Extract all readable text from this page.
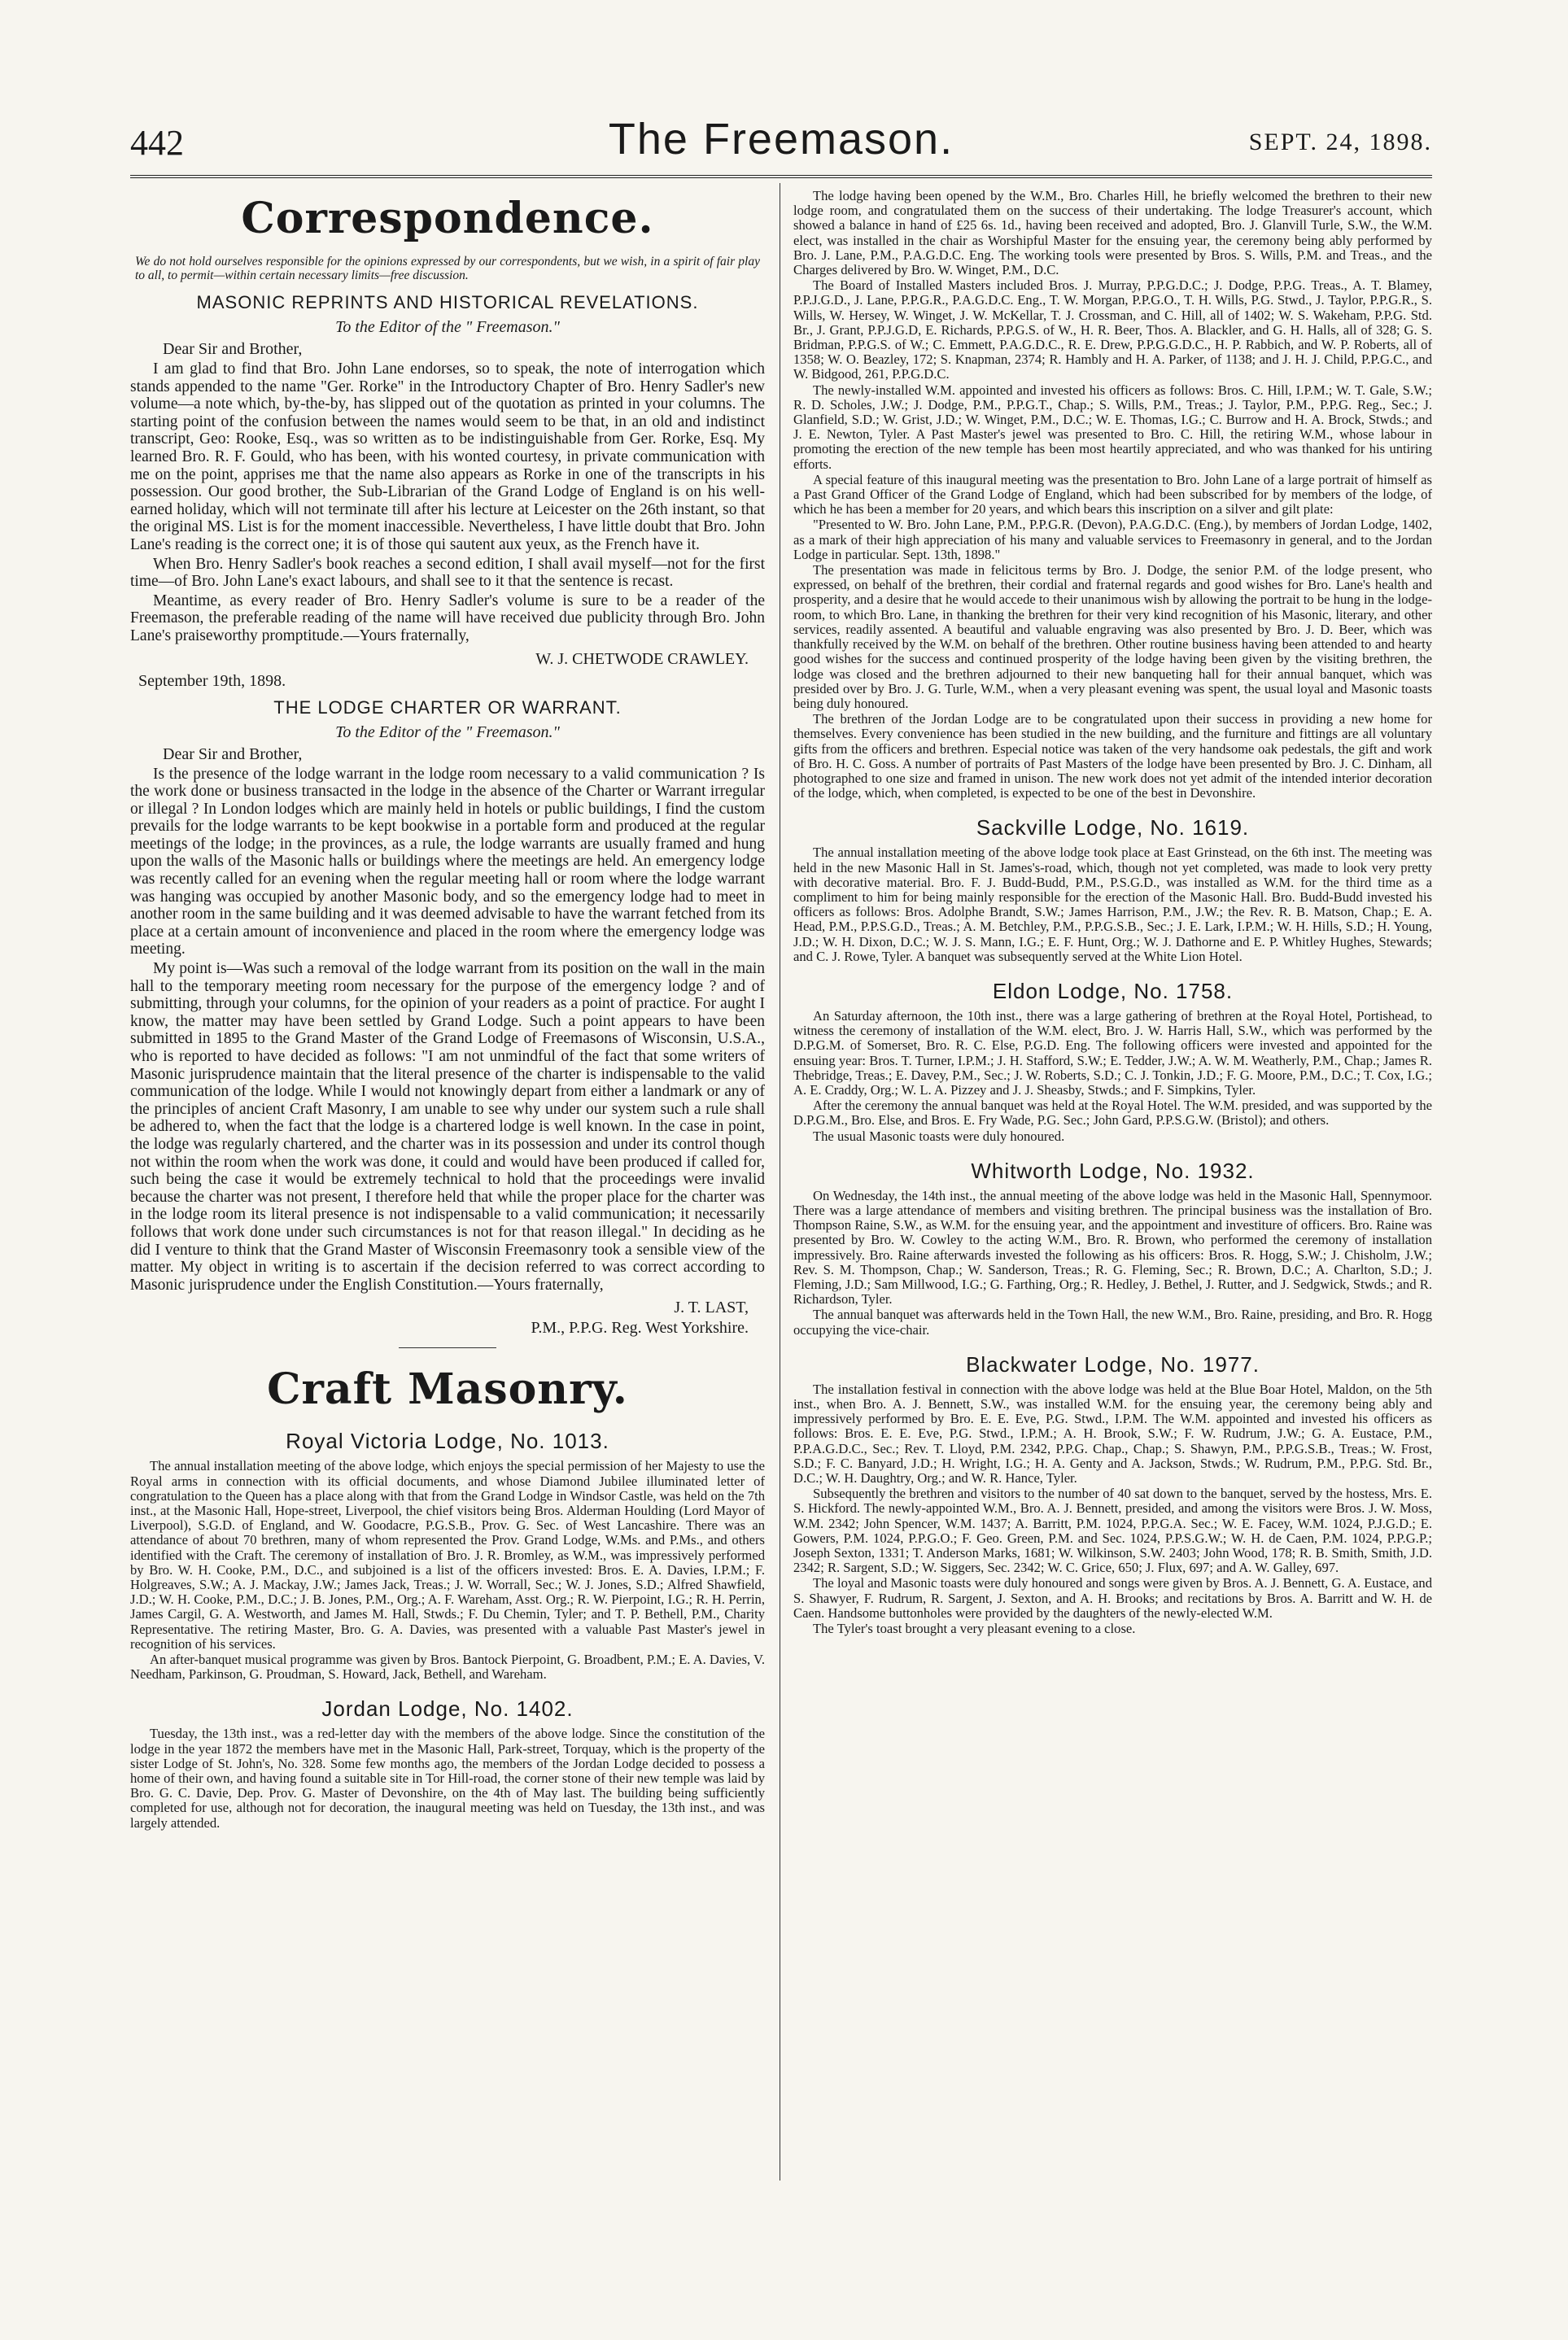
442	The Freemason.	SEPT. 24, 1898.
Correspondence.
We do not hold ourselves responsible for the opinions expressed by our correspondents, but we wish, in a spirit of fair play to all, to permit—within certain necessary limits—free discussion.
MASONIC REPRINTS AND HISTORICAL REVELATIONS.
To the Editor of the " Freemason."
Dear Sir and Brother,

I am glad to find that Bro. John Lane endorses, so to speak, the note of interrogation which stands appended to the name "Ger. Rorke" in the Introductory Chapter of Bro. Henry Sadler's new volume—a note which, by-the-by, has slipped out of the quotation as printed in your columns. The starting point of the confusion between the names would seem to be that, in an old and indistinct transcript, Geo: Rooke, Esq., was so written as to be indistinguishable from Ger. Rorke, Esq. My learned Bro. R. F. Gould, who has been, with his wonted courtesy, in private communication with me on the point, apprises me that the name also appears as Rorke in one of the transcripts in his possession. Our good brother, the Sub-Librarian of the Grand Lodge of England is on his well-earned holiday, which will not terminate till after his lecture at Leicester on the 26th instant, so that the original MS. List is for the moment inaccessible. Nevertheless, I have little doubt that Bro. John Lane's reading is the correct one; it is of those qui sautent aux yeux, as the French have it.

When Bro. Henry Sadler's book reaches a second edition, I shall avail myself—not for the first time—of Bro. John Lane's exact labours, and shall see to it that the sentence is recast.

Meantime, as every reader of Bro. Henry Sadler's volume is sure to be a reader of the Freemason, the preferable reading of the name will have received due publicity through Bro. John Lane's praiseworthy promptitude.—Yours fraternally,

W. J. CHETWODE CRAWLEY.
September 19th, 1898.
THE LODGE CHARTER OR WARRANT.
To the Editor of the " Freemason."
Dear Sir and Brother,

Is the presence of the lodge warrant in the lodge room necessary to a valid communication ? Is the work done or business transacted in the lodge in the absence of the Charter or Warrant irregular or illegal ? In London lodges which are mainly held in hotels or public buildings, I find the custom prevails for the lodge warrants to be kept bookwise in a portable form and produced at the regular meetings of the lodge; in the provinces, as a rule, the lodge warrants are usually framed and hung upon the walls of the Masonic halls or buildings where the meetings are held. An emergency lodge was recently called for an evening when the regular meeting hall or room where the lodge warrant was hanging was occupied by another Masonic body, and so the emergency lodge had to meet in another room in the same building and it was deemed advisable to have the warrant fetched from its place at a certain amount of inconvenience and placed in the room where the emergency lodge was meeting.

My point is—Was such a removal of the lodge warrant from its position on the wall in the main hall to the temporary meeting room necessary for the purpose of the emergency lodge ? and of submitting, through your columns, for the opinion of your readers as a point of practice. For aught I know, the matter may have been settled by Grand Lodge. Such a point appears to have been submitted in 1895 to the Grand Master of the Grand Lodge of Freemasons of Wisconsin, U.S.A., who is reported to have decided as follows: "I am not unmindful of the fact that some writers of Masonic jurisprudence maintain that the literal presence of the charter is indispensable to the valid communication of the lodge. While I would not knowingly depart from either a landmark or any of the principles of ancient Craft Masonry, I am unable to see why under our system such a rule shall be adhered to, when the fact that the lodge is a chartered lodge is well known. In the case in point, the lodge was regularly chartered, and the charter was in its possession and under its control though not within the room when the work was done, it could and would have been produced if called for, such being the case it would be extremely technical to hold that the proceedings were invalid because the charter was not present, I therefore held that while the proper place for the charter was in the lodge room its literal presence is not indispensable to a valid communication; it necessarily follows that work done under such circumstances is not for that reason illegal." In deciding as he did I venture to think that the Grand Master of Wisconsin Freemasonry took a sensible view of the matter. My object in writing is to ascertain if the decision referred to was correct according to Masonic jurisprudence under the English Constitution.—Yours fraternally,

J. T. LAST,
P.M., P.P.G. Reg. West Yorkshire.
Craft Masonry.
Royal Victoria Lodge, No. 1013.

The annual installation meeting of the above lodge, which enjoys the special permission of her Majesty to use the Royal arms in connection with its official documents, and whose Diamond Jubilee illuminated letter of congratulation to the Queen has a place along with that from the Grand Lodge in Windsor Castle, was held on the 7th inst., at the Masonic Hall, Hope-street, Liverpool, the chief visitors being Bros. Alderman Houlding (Lord Mayor of Liverpool), S.G.D. of England, and W. Goodacre, P.G.S.B., Prov. G. Sec. of West Lancashire. There was an attendance of about 70 brethren, many of whom represented the Prov. Grand Lodge, W.Ms. and P.Ms., and others identified with the Craft. The ceremony of installation of Bro. J. R. Bromley, as W.M., was impressively performed by Bro. W. H. Cooke, P.M., D.C., and subjoined is a list of the officers invested: Bros. E. A. Davies, I.P.M.; F. Holgreaves, S.W.; A. J. Mackay, J.W.; James Jack, Treas.; J. W. Worrall, Sec.; W. J. Jones, S.D.; Alfred Shawfield, J.D.; W. H. Cooke, P.M., D.C.; J. B. Jones, P.M., Org.; A. F. Wareham, Asst. Org.; R. W. Pierpoint, I.G.; R. H. Perrin, James Cargil, G. A. Westworth, and James M. Hall, Stwds.; F. Du Chemin, Tyler; and T. P. Bethell, P.M., Charity Representative. The retiring Master, Bro. G. A. Davies, was presented with a valuable Past Master's jewel in recognition of his services.

An after-banquet musical programme was given by Bros. Bantock Pierpoint, G. Broadbent, P.M.; E. A. Davies, V. Needham, Parkinson, G. Proudman, S. Howard, Jack, Bethell, and Wareham.

Jordan Lodge, No. 1402.

Tuesday, the 13th inst., was a red-letter day with the members of the above lodge. Since the constitution of the lodge in the year 1872 the members have met in the Masonic Hall, Park-street, Torquay, which is the property of the sister Lodge of St. John's, No. 328. Some few months ago, the members of the Jordan Lodge decided to possess a home of their own, and having found a suitable site in Tor Hill-road, the corner stone of their new temple was laid by Bro. G. C. Davie, Dep. Prov. G. Master of Devonshire, on the 4th of May last. The building being sufficiently completed for use, although not for decoration, the inaugural meeting was held on Tuesday, the 13th inst., and was largely attended.

The lodge having been opened by the W.M., Bro. Charles Hill, he briefly welcomed the brethren to their new lodge room, and congratulated them on the success of their undertaking. The lodge Treasurer's account, which showed a balance in hand of £25 6s. 1d., having been received and adopted, Bro. J. Glanvill Turle, S.W., the W.M. elect, was installed in the chair as Worshipful Master for the ensuing year, the ceremony being ably performed by Bro. J. Lane, P.M., P.A.G.D.C. Eng. The working tools were presented by Bros. S. Wills, P.M. and Treas., and the Charges delivered by Bro. W. Winget, P.M., D.C.

The Board of Installed Masters included Bros. J. Murray, P.P.G.D.C.; J. Dodge, P.P.G. Treas., A. T. Blamey, P.P.J.G.D., J. Lane, P.P.G.R., P.A.G.D.C. Eng., T. W. Morgan, P.P.G.O., T. H. Wills, P.G. Stwd., J. Taylor, P.P.G.R., S. Wills, W. Hersey, W. Winget, J. W. McKellar, T. J. Crossman, and C. Hill, all of 1402; W. S. Wakeham, P.P.G. Std. Br., J. Grant, P.P.J.G.D, E. Richards, P.P.G.S. of W., H. R. Beer, Thos. A. Blackler, and G. H. Halls, all of 328; G. S. Bridman, P.P.G.S. of W.; C. Emmett, P.A.G.D.C., R. E. Drew, P.P.G.G.D.C., H. P. Rabbich, and W. P. Roberts, all of 1358; W. O. Beazley, 172; S. Knapman, 2374; R. Hambly and H. A. Parker, of 1138; and J. H. J. Child, P.P.G.C., and W. Bidgood, 261, P.P.G.D.C.

The newly-installed W.M. appointed and invested his officers as follows: Bros. C. Hill, I.P.M.; W. T. Gale, S.W.; R. D. Scholes, J.W.; J. Dodge, P.M., P.P.G.T., Chap.; S. Wills, P.M., Treas.; J. Taylor, P.M., P.P.G. Reg., Sec.; J. Glanfield, S.D.; W. Grist, J.D.; W. Winget, P.M., D.C.; W. E. Thomas, I.G.; C. Burrow and H. A. Brock, Stwds.; and J. E. Newton, Tyler. A Past Master's jewel was presented to Bro. C. Hill, the retiring W.M., whose labour in promoting the erection of the new temple has been most heartily appreciated, and who was thanked for his untiring efforts.

A special feature of this inaugural meeting was the presentation to Bro. John Lane of a large portrait of himself as a Past Grand Officer of the Grand Lodge of England, which had been subscribed for by members of the lodge, of which he has been a member for 20 years, and which bears this inscription on a silver and gilt plate:

"Presented to W. Bro. John Lane, P.M., P.P.G.R. (Devon), P.A.G.D.C. (Eng.), by members of Jordan Lodge, 1402, as a mark of their high appreciation of his many and valuable services to Freemasonry in general, and to the Jordan Lodge in particular. Sept. 13th, 1898."

The presentation was made in felicitous terms by Bro. J. Dodge, the senior P.M. of the lodge present, who expressed, on behalf of the brethren, their cordial and fraternal regards and good wishes for Bro. Lane's health and prosperity, and a desire that he would accede to their unanimous wish by allowing the portrait to be hung in the lodge-room, to which Bro. Lane, in thanking the brethren for their very kind recognition of his Masonic, literary, and other services, readily assented. A beautiful and valuable engraving was also presented by Bro. J. D. Beer, which was thankfully received by the W.M. on behalf of the brethren. Other routine business having been attended to and hearty good wishes for the success and continued prosperity of the lodge having been given by the visiting brethren, the lodge was closed and the brethren adjourned to their new banqueting hall for their annual banquet, which was presided over by Bro. J. G. Turle, W.M., when a very pleasant evening was spent, the usual loyal and Masonic toasts being duly honoured.

The brethren of the Jordan Lodge are to be congratulated upon their success in providing a new home for themselves. Every convenience has been studied in the new building, and the furniture and fittings are all voluntary gifts from the officers and brethren. Especial notice was taken of the very handsome oak pedestals, the gift and work of Bro. H. C. Goss. A number of portraits of Past Masters of the lodge have been presented by Bro. J. C. Dinham, all photographed to one size and framed in unison. The new work does not yet admit of the intended interior decoration of the lodge, which, when completed, is expected to be one of the best in Devonshire.

Sackville Lodge, No. 1619.

The annual installation meeting of the above lodge took place at East Grinstead, on the 6th inst. The meeting was held in the new Masonic Hall in St. James's-road, which, though not yet completed, was made to look very pretty with decorative material. Bro. F. J. Budd-Budd, P.M., P.S.G.D., was installed as W.M. for the third time as a compliment to him for being mainly responsible for the erection of the Masonic Hall. Bro. Budd-Budd invested his officers as follows: Bros. Adolphe Brandt, S.W.; James Harrison, P.M., J.W.; the Rev. R. B. Matson, Chap.; E. A. Head, P.M., P.P.S.G.D., Treas.; A. M. Betchley, P.M., P.P.G.S.B., Sec.; J. E. Lark, I.P.M.; W. H. Hills, S.D.; H. Young, J.D.; W. H. Dixon, D.C.; W. J. S. Mann, I.G.; E. F. Hunt, Org.; W. J. Dathorne and E. P. Whitley Hughes, Stewards; and C. J. Rowe, Tyler. A banquet was subsequently served at the White Lion Hotel.

Eldon Lodge, No. 1758.

An Saturday afternoon, the 10th inst., there was a large gathering of brethren at the Royal Hotel, Portishead, to witness the ceremony of installation of the W.M. elect, Bro. J. W. Harris Hall, S.W., which was performed by the D.P.G.M. of Somerset, Bro. R. C. Else, P.G.D. Eng. The following officers were invested and appointed for the ensuing year: Bros. T. Turner, I.P.M.; J. H. Stafford, S.W.; E. Tedder, J.W.; A. W. M. Weatherly, P.M., Chap.; James R. Thebridge, Treas.; E. Davey, P.M., Sec.; J. W. Roberts, S.D.; C. J. Tonkin, J.D.; F. G. Moore, P.M., D.C.; T. Cox, I.G.; A. E. Craddy, Org.; W. L. A. Pizzey and J. J. Sheasby, Stwds.; and F. Simpkins, Tyler.

After the ceremony the annual banquet was held at the Royal Hotel. The W.M. presided, and was supported by the D.P.G.M., Bro. Else, and Bros. E. Fry Wade, P.G. Sec.; John Gard, P.P.S.G.W. (Bristol); and others.

The usual Masonic toasts were duly honoured.

Whitworth Lodge, No. 1932.

On Wednesday, the 14th inst., the annual meeting of the above lodge was held in the Masonic Hall, Spennymoor. There was a large attendance of members and visiting brethren. The principal business was the installation of Bro. Thompson Raine, S.W., as W.M. for the ensuing year, and the appointment and investiture of officers. Bro. Raine was presented by Bro. W. Cowley to the acting W.M., Bro. R. Brown, who performed the ceremony of installation impressively. Bro. Raine afterwards invested the following as his officers: Bros. R. Hogg, S.W.; J. Chisholm, J.W.; Rev. S. M. Thompson, Chap.; W. Sanderson, Treas.; R. G. Fleming, Sec.; R. Brown, D.C.; A. Charlton, S.D.; J. Fleming, J.D.; Sam Millwood, I.G.; G. Farthing, Org.; R. Hedley, J. Bethel, J. Rutter, and J. Sedgwick, Stwds.; and R. Richardson, Tyler.

The annual banquet was afterwards held in the Town Hall, the new W.M., Bro. Raine, presiding, and Bro. R. Hogg occupying the vice-chair.

Blackwater Lodge, No. 1977.

The installation festival in connection with the above lodge was held at the Blue Boar Hotel, Maldon, on the 5th inst., when Bro. A. J. Bennett, S.W., was installed W.M. for the ensuing year, the ceremony being ably and impressively performed by Bro. E. E. Eve, P.G. Stwd., I.P.M. The W.M. appointed and invested his officers as follows: Bros. E. E. Eve, P.G. Stwd., I.P.M.; A. H. Brook, S.W.; F. W. Rudrum, J.W.; G. A. Eustace, P.M., P.P.A.G.D.C., Sec.; Rev. T. Lloyd, P.M. 2342, P.P.G. Chap., Chap.; S. Shawyn, P.M., P.P.G.S.B., Treas.; W. Frost, S.D.; F. C. Banyard, J.D.; H. Wright, I.G.; H. A. Genty and A. Jackson, Stwds.; W. Rudrum, P.M., P.P.G. Std. Br., D.C.; W. H. Daughtry, Org.; and W. R. Hance, Tyler.

Subsequently the brethren and visitors to the number of 40 sat down to the banquet, served by the hostess, Mrs. E. S. Hickford. The newly-appointed W.M., Bro. A. J. Bennett, presided, and among the visitors were Bros. J. W. Moss, W.M. 2342; John Spencer, W.M. 1437; A. Barritt, P.M. 1024, P.P.G.A. Sec.; W. E. Facey, W.M. 1024, P.J.G.D.; E. Gowers, P.M. 1024, P.P.G.O.; F. Geo. Green, P.M. and Sec. 1024, P.P.S.G.W.; W. H. de Caen, P.M. 1024, P.P.G.P.; Joseph Sexton, 1331; T. Anderson Marks, 1681; W. Wilkinson, S.W. 2403; John Wood, 178; R. B. Smith, Smith, J.D. 2342; R. Sargent, S.D.; W. Siggers, Sec. 2342; W. C. Grice, 650; J. Flux, 697; and A. W. Galley, 697.

The loyal and Masonic toasts were duly honoured and songs were given by Bros. A. J. Bennett, G. A. Eustace, and S. Shawyer, F. Rudrum, R. Sargent, J. Sexton, and A. H. Brooks; and recitations by Bros. A. Barritt and W. H. de Caen. Handsome buttonholes were provided by the daughters of the newly-elected W.M.

The Tyler's toast brought a very pleasant evening to a close.
